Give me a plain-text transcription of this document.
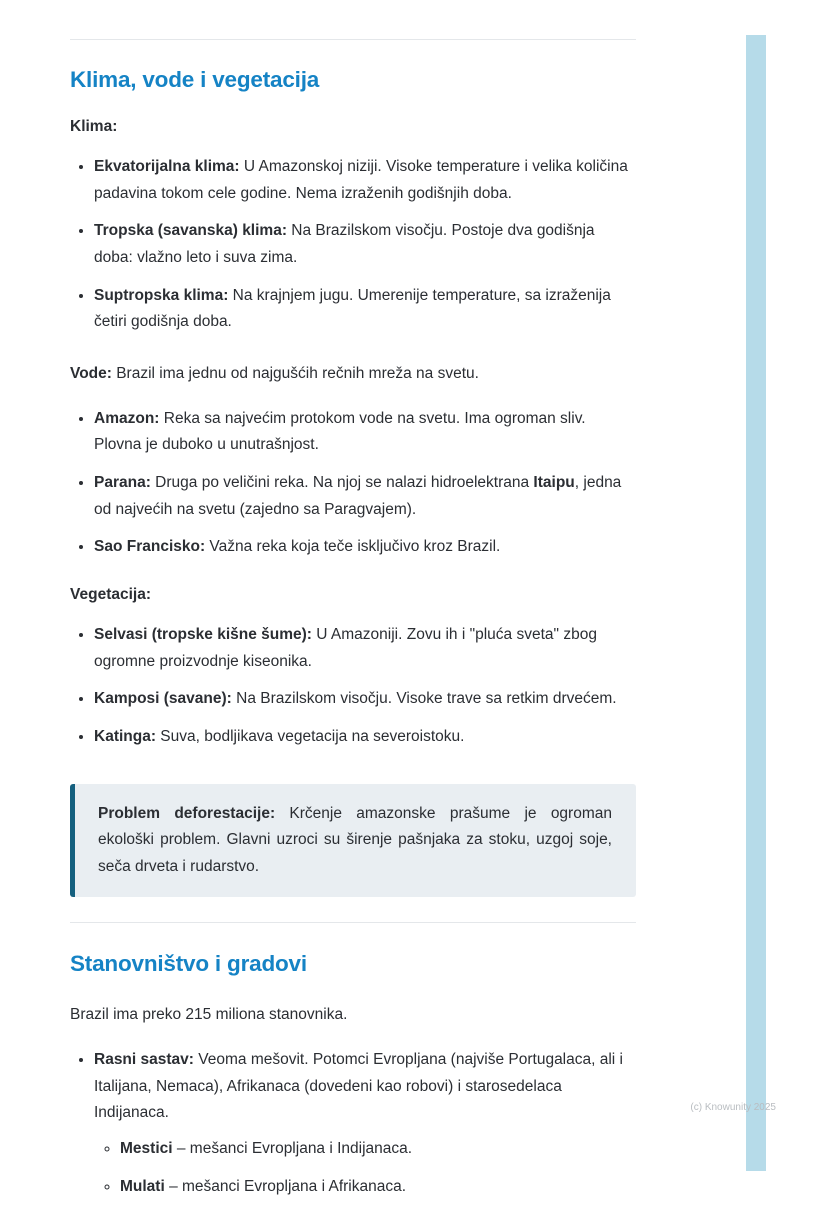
Klima, vode i vegetacija

Klima:

• Ekvatorijalna klima: U Amazonskoj niziji. Visoke temperature i velika količina padavina tokom cele godine. Nema izraženih godišnjih doba.
• Tropska (savanska) klima: Na Brazilskom visočju. Postoje dva godišnja doba: vlažno leto i suva zima.
• Suptropska klima: Na krajnjem jugu. Umerenije temperature, sa izraženija četiri godišnja doba.

Vode: Brazil ima jednu od najgušćih rečnih mreža na svetu.

• Amazon: Reka sa najvećim protokom vode na svetu. Ima ogroman sliv. Plovna je duboko u unutrašnjost.
• Parana: Druga po veličini reka. Na njoj se nalazi hidroelektrana Itaipu, jedna od najvećih na svetu (zajedno sa Paragvajem).
• Sao Francisko: Važna reka koja teče isključivo kroz Brazil.

Vegetacija:

• Selvasi (tropske kišne šume): U Amazoniji. Zovu ih i "pluća sveta" zbog ogromne proizvodnje kiseonika.
• Kamposi (savane): Na Brazilskom visočju. Visoke trave sa retkim drvećem.
• Katinga: Suva, bodljikava vegetacija na severoistoku.
Problem deforestacije: Krčenje amazonske prašume je ogroman ekološki problem. Glavni uzroci su širenje pašnjaka za stoku, uzgoj soje, seča drveta i rudarstvo.
Stanovništvo i gradovi

Brazil ima preko 215 miliona stanovnika.

• Rasni sastav: Veoma mešovit. Potomci Evropljana (najviše Portugalaca, ali i Italijana, Nemaca), Afrikanaca (dovedeni kao robovi) i starosedelaca Indijanaca.
◦ Mestici – mešanci Evropljana i Indijanaca.
◦ Mulati – mešanci Evropljana i Afrikanaca.
(c) Knowunity 2025
